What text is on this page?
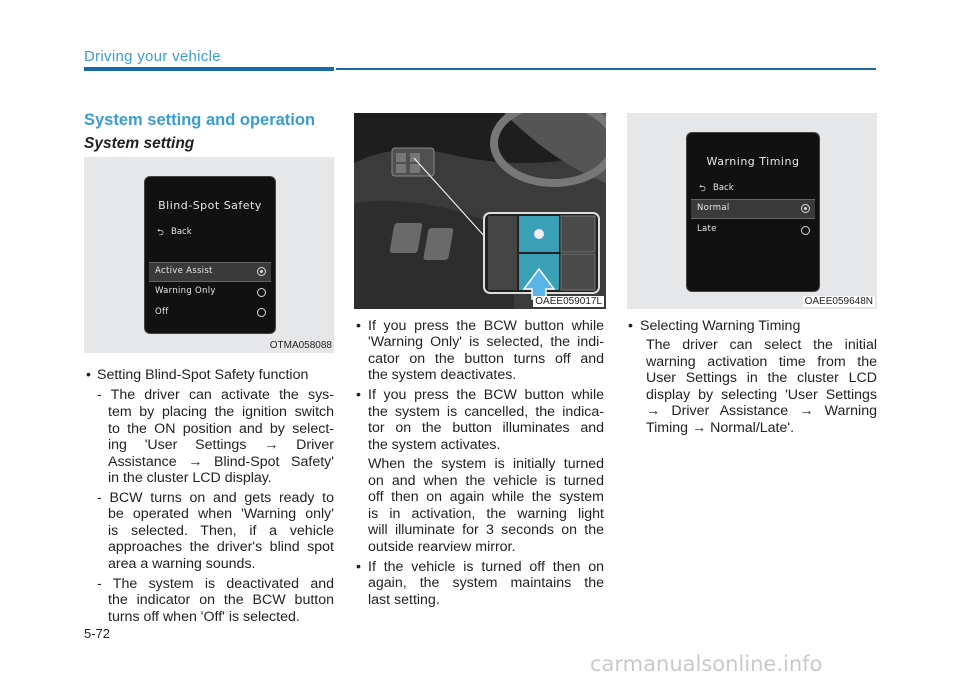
Driving your vehicle
System setting and operation
System setting
Blind-Spot Safety
⮌ Back
Active Assist
Warning Only
Off
OTMA058088
OAEE059017L
Warning Timing
⮌ Back
Normal
Late
OAEE059648N
• Setting Blind-Spot Safety function
- The driver can activate the sys-
tem by placing the ignition switch
to the ON position and by select-
ing 'User Settings → Driver
Assistance → Blind-Spot Safety'
in the cluster LCD display.
- BCW turns on and gets ready to
be operated when 'Warning only'
is selected. Then, if a vehicle
approaches the driver's blind spot
area a warning sounds.
- The system is deactivated and
the indicator on the BCW button
turns off when 'Off' is selected.
• If you press the BCW button while
'Warning Only' is selected, the indi-
cator on the button turns off and
the system deactivates.
• If you press the BCW button while
the system is cancelled, the indica-
tor on the button illuminates and
the system activates.
When the system is initially turned
on and when the vehicle is turned
off then on again while the system
is in activation, the warning light
will illuminate for 3 seconds on the
outside rearview mirror.
• If the vehicle is turned off then on
again, the system maintains the
last setting.
• Selecting Warning Timing
The driver can select the initial
warning activation time from the
User Settings in the cluster LCD
display by selecting 'User Settings
→ Driver Assistance → Warning
Timing → Normal/Late'.
5-72
carmanualsonline.info
